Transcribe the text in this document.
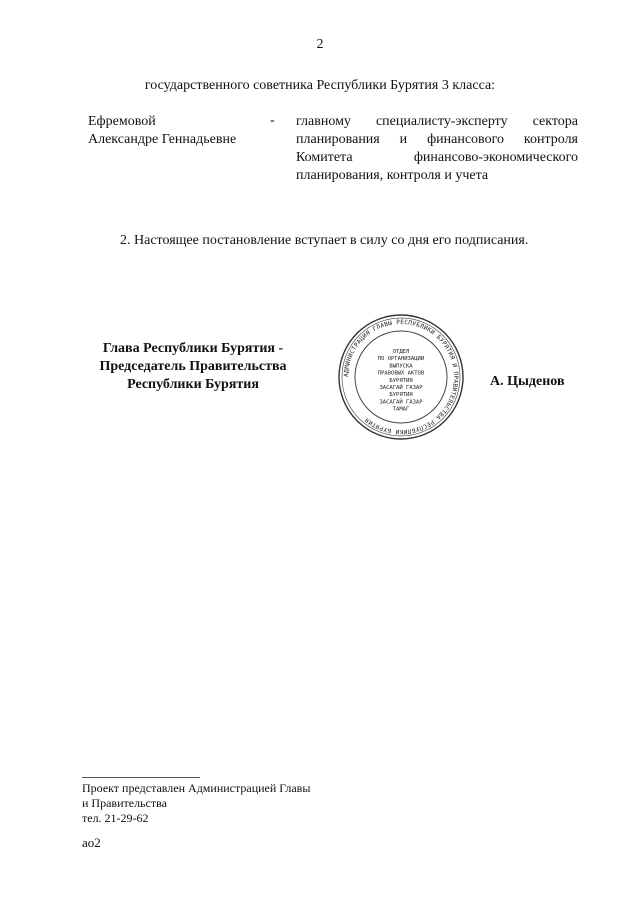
2
государственного советника Республики Бурятия 3 класса:
Ефремовой
Александре Геннадьевне
- главному специалисту-эксперту сектора планирования и финансового контроля Комитета финансово-экономического планирования, контроля и учета
2. Настоящее постановление вступает в силу со дня его подписания.
Глава Республики Бурятия -
Председатель Правительства
Республики Бурятия
АДМИНИСТРАЦИЯ ГЛАВЫ РЕСПУБЛИКИ БУРЯТИЯ И ПРАВИТЕЛЬСТВА РЕСПУБЛИКИ БУРЯТИЯ
ОТДЕЛ
ПО ОРГАНИЗАЦИИ
ВЫПУСКА
ПРАВОВЫХ АКТОВ
БУРЯТИЯ
ЗАСАГАЙ ГАЗАР
БУРЯТИЯ
ЗАСАГАЙ ГАЗАР
ТАМАГ
А. Цыденов
Проект представлен Администрацией Главы
и Правительства
тел. 21-29-62
ао2
